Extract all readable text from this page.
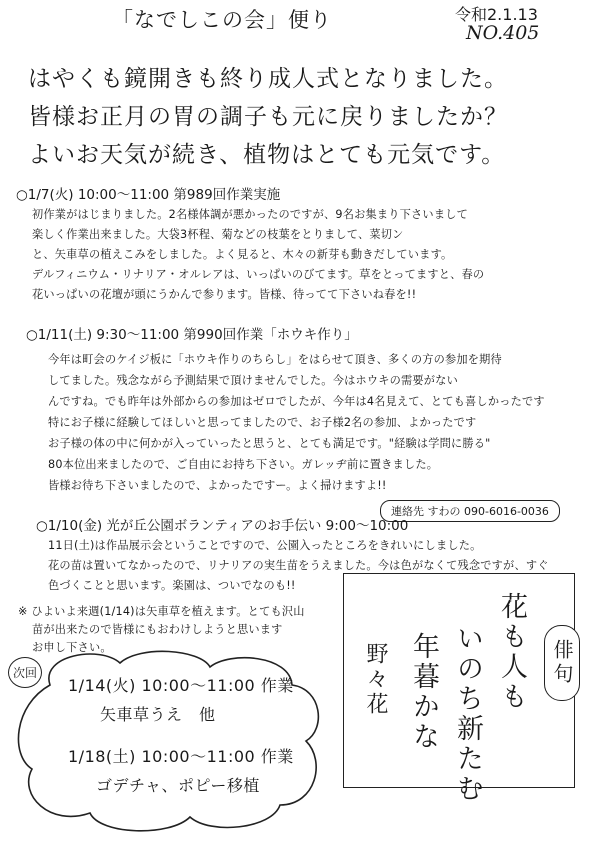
「なでしこの会」便り	令和2.1.13
NO.405
はやくも鏡開きも終り成人式となりました。
皆様お正月の胃の調子も元に戻りましたか？
よいお天気が続き、植物はとても元気です。
○1/7(火) 10:00～11:00 第989回作業実施
初作業がはじまりました。2名様体調が悪かったのですが、9名お集まり下さいまして
楽しく作業出来ました。大袋3杯程、菊などの枝葉をとりまして、菜切ン
と、矢車草の植えこみをしました。よく見ると、木々の新芽も動きだしています。
デルフィニウム・リナリア・オルレアは、いっぱいのびてます。草をとってますと、春の
花いっぱいの花壇が頭にうかんで参ります。皆様、待ってて下さいね春を!!
○1/11(土) 9:30～11:00 第990回作業「ホウキ作り」
今年は町会のケイジ板に「ホウキ作りのちらし」をはらせて頂き、多くの方の参加を期待
してました。残念ながら予測結果で頂けませんでした。今はホウキの需要がない
んですね。でも昨年は外部からの参加はゼロでしたが、今年は4名見えて、とても喜しかったです
特にお子様に経験してほしいと思ってましたので、お子様2名の参加、よかったです
お子様の体の中に何かが入っていったと思うと、とても満足です。"経験は学問に勝る"
80本位出来ましたので、ご自由にお持ち下さい。ガレッヂ前に置きました。
皆様お待ち下さいましたので、よかったですー。よく掃けますよ!!
連絡先 すわの 090-6016-0036
○1/10(金) 光が丘公園ボランティアのお手伝い 9:00～10:00
11日(土)は作品展示会ということですので、公園入ったところをきれいにしました。
花の苗は置いてなかったので、リナリアの実生苗をうえました。今は色がなくて残念ですが、すぐ
色づくことと思います。楽園は、ついでなのも!!
※ ひよいよ来週(1/14)は矢車草を植えます。とても沢山
苗が出来たので皆様にもおわけしようと思います
お申し下さい。
次回
1/14(火) 10:00～11:00 作業
矢車草うえ　他
1/18(土) 10:00～11:00 作業
ゴデチャ、ポピー移植
花も人も
いのち新たむ
年暮かな
野々花	俳句
